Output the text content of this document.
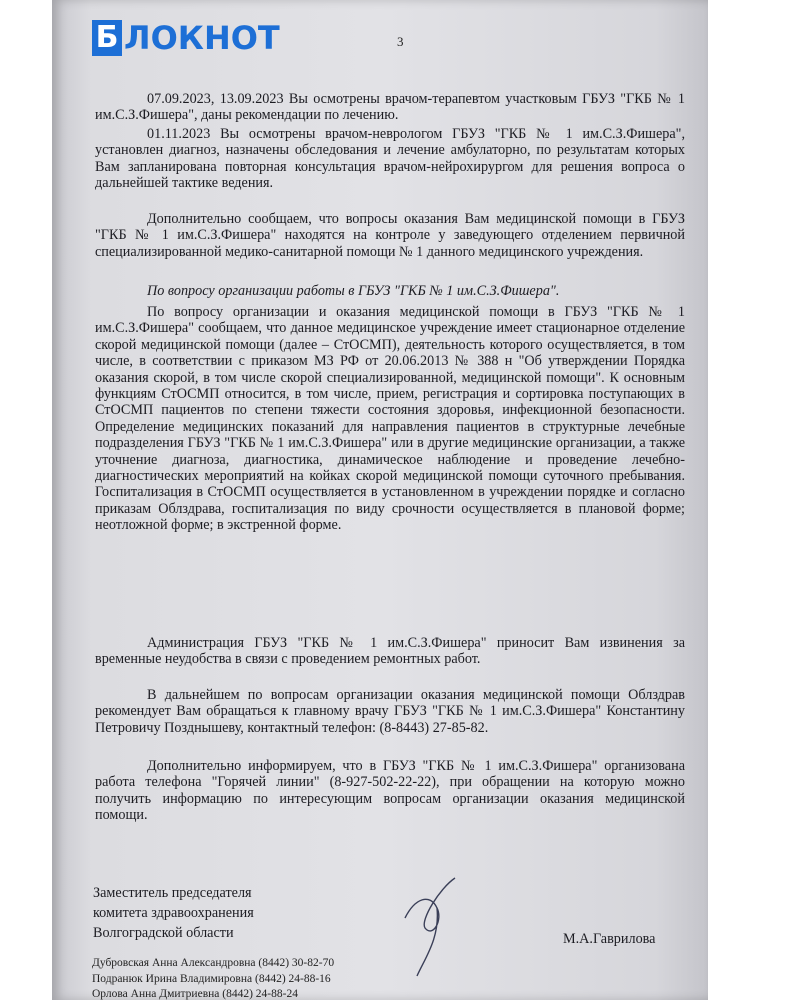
Б ЛОКНОТ	3
07.09.2023, 13.09.2023 Вы осмотрены врачом-терапевтом участковым ГБУЗ "ГКБ № 1 им.С.З.Фишера", даны рекомендации по лечению.
01.11.2023 Вы осмотрены врачом-неврологом ГБУЗ "ГКБ № 1 им.С.З.Фишера", установлен диагноз, назначены обследования и лечение амбулаторно, по результатам которых Вам запланирована повторная консультация врачом-нейрохирургом для решения вопроса о дальнейшей тактике ведения.
Дополнительно сообщаем, что вопросы оказания Вам медицинской помощи в ГБУЗ "ГКБ № 1 им.С.З.Фишера" находятся на контроле у заведующего отделением первичной специализированной медико-санитарной помощи № 1 данного медицинского учреждения.
По вопросу организации работы в ГБУЗ "ГКБ № 1 им.С.З.Фишера".
По вопросу организации и оказания медицинской помощи в ГБУЗ "ГКБ № 1 им.С.З.Фишера" сообщаем, что данное медицинское учреждение имеет стационарное отделение скорой медицинской помощи (далее – СтОСМП), деятельность которого осуществляется, в том числе, в соответствии с приказом МЗ РФ от 20.06.2013 № 388 н "Об утверждении Порядка оказания скорой, в том числе скорой специализированной, медицинской помощи". К основным функциям СтОСМП относится, в том числе, прием, регистрация и сортировка поступающих в СтОСМП пациентов по степени тяжести состояния здоровья, инфекционной безопасности. Определение медицинских показаний для направления пациентов в структурные лечебные подразделения ГБУЗ "ГКБ № 1 им.С.З.Фишера" или в другие медицинские организации, а также уточнение диагноза, диагностика, динамическое наблюдение и проведение лечебно-диагностических мероприятий на койках скорой медицинской помощи суточного пребывания. Госпитализация в СтОСМП осуществляется в установленном в учреждении порядке и согласно приказам Облздрава, госпитализация по виду срочности осуществляется в плановой форме; неотложной форме; в экстренной форме.
Администрация ГБУЗ "ГКБ № 1 им.С.З.Фишера" приносит Вам извинения за временные неудобства в связи с проведением ремонтных работ.
В дальнейшем по вопросам организации оказания медицинской помощи Облздрав рекомендует Вам обращаться к главному врачу ГБУЗ "ГКБ № 1 им.С.З.Фишера" Константину Петровичу Позднышеву, контактный телефон: (8-8443) 27-85-82.
Дополнительно информируем, что в ГБУЗ "ГКБ № 1 им.С.З.Фишера" организована работа телефона "Горячей линии" (8-927-502-22-22), при обращении на которую можно получить информацию по интересующим вопросам организации оказания медицинской помощи.
Заместитель председателя
комитета здравоохранения
Волгоградской области	М.А.Гаврилова
Дубровская Анна Александровна (8442) 30-82-70
Подранюк Ирина Владимировна (8442) 24-88-16
Орлова Анна Дмитриевна (8442) 24-88-24
